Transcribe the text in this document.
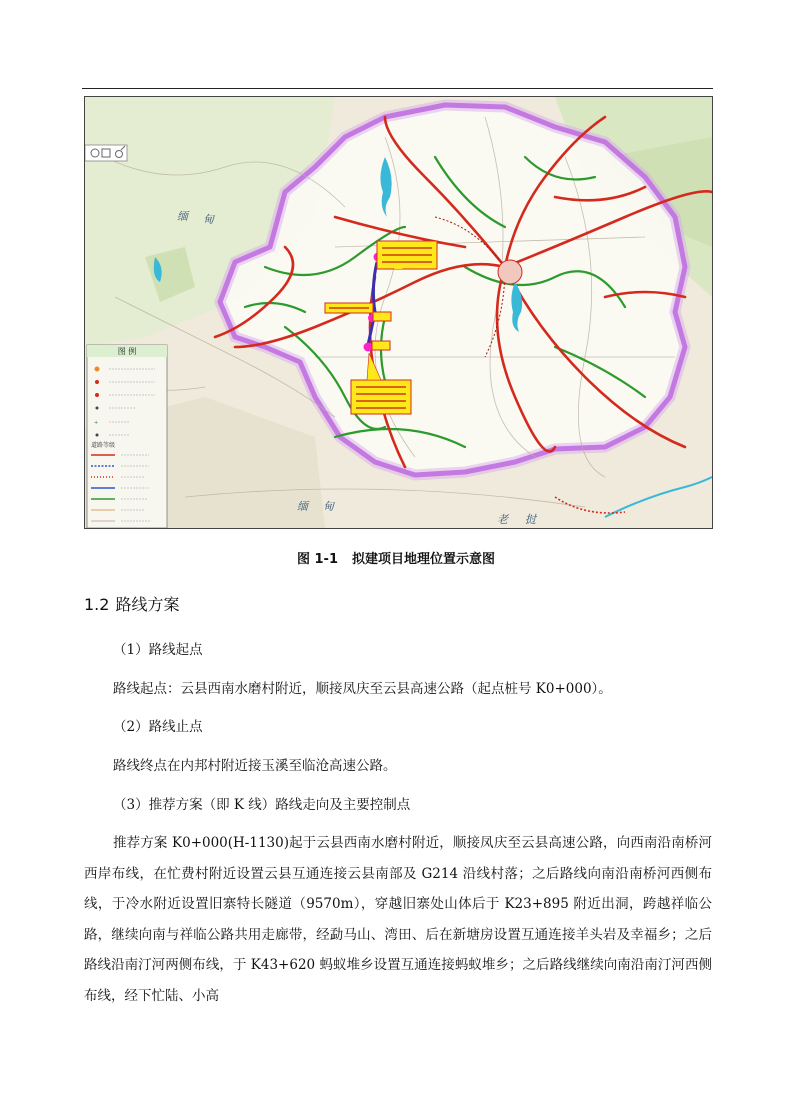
图 例
+
道路等级
缅 甸
缅 甸
老 挝
图 1-1 拟建项目地理位置示意图
1.2 路线方案
（1）路线起点
路线起点：云县西南水磨村附近，顺接凤庆至云县高速公路（起点桩号 K0+000）。
（2）路线止点
路线终点在内邦村附近接玉溪至临沧高速公路。
（3）推荐方案（即 K 线）路线走向及主要控制点
推荐方案 K0+000(H-1130)起于云县西南水磨村附近，顺接凤庆至云县高速公路，向西南沿南桥河西岸布线，在忙费村附近设置云县互通连接云县南部及 G214 沿线村落；之后路线向南沿南桥河西侧布线，于冷水附近设置旧寨特长隧道（9570m），穿越旧寨处山体后于 K23+895 附近出洞，跨越祥临公路，继续向南与祥临公路共用走廊带，经勐马山、湾田、后在新塘房设置互通连接羊头岩及幸福乡；之后路线沿南汀河两侧布线，于 K43+620 蚂蚁堆乡设置互通连接蚂蚁堆乡；之后路线继续向南沿南汀河西侧布线，经下忙陆、小高
